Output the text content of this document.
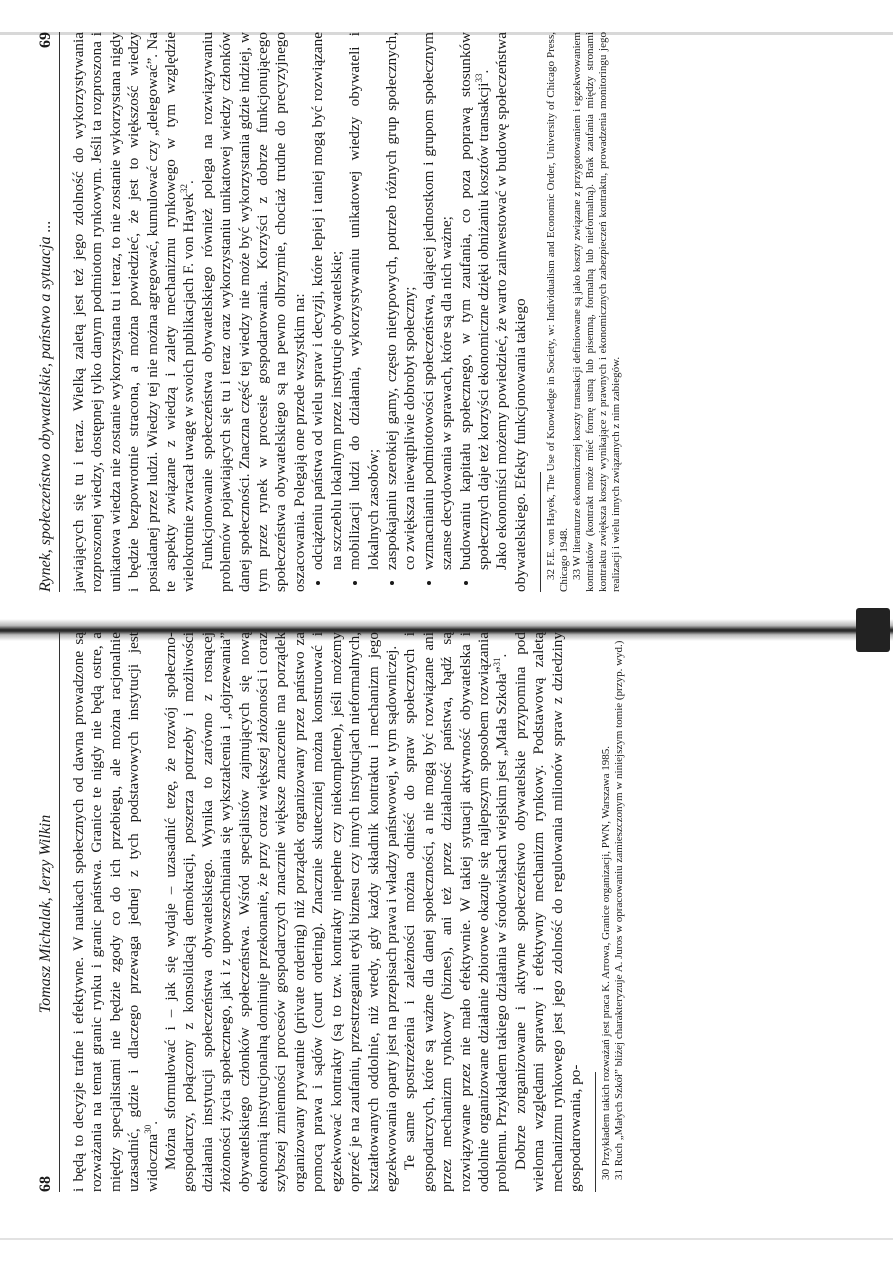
68
Tomasz Michalak, Jerzy Wilkin i będą to decyzje trafne i efektywne. W naukach społecznych od dawna prowadzone są rozważania na temat granic rynku i granic państwa. Granice te nigdy nie będą ostre, a między specjalistami nie będzie zgody co do ich przebiegu, ale można racjonalnie uzasadnić, gdzie i dlaczego przewaga jednej z tych podstawowych instytucji jest widoczna$^{30}$. Można sformułować i – jak się wydaje – uzasadnić tezę, że rozwój społeczno-gospodarczy, połączony z konsolidacją demokracji, poszerza potrzeby i możliwości działania instytucji społeczeństwa obywatelskiego. Wynika to zarówno z rosnącej złożoności życia społecznego, jak i z upowszechniania się wykształcenia i „dojrzewania” obywatelskiego członków społeczeństwa. Wśród specjalistów zajmujących się nową ekonomią instytucjonalną dominuje przekonanie, że przy coraz większej złożoności i coraz szybszej zmienności procesów gospodarczych znacznie większe znaczenie ma porządek organizowany prywatnie (private ordering) niż porządek organizowany przez państwo za pomocą prawa i sądów (court ordering). Znacznie skuteczniej można konstruować i egzekwować kontrakty (są to tzw. kontrakty niepełne czy niekompletne), jeśli możemy oprzeć je na zaufaniu, przestrzeganiu etyki biznesu czy innych instytucjach nieformalnych, kształtowanych oddolnie, niż wtedy, gdy każdy składnik kontraktu i mechanizm jego egzekwowania oparty jest na przepisach prawa i władzy państwowej, w tym sądowniczej. Te same spostrzeżenia i zależności można odnieść do spraw społecznych i gospodarczych, które są ważne dla danej społeczności, a nie mogą być rozwiązane ani przez mechanizm rynkowy (biznes), ani też przez działalność państwa, bądź są rozwiązywane przez nie mało efektywnie. W takiej sytuacji aktywność obywatelska i oddolnie organizowane działanie zbiorowe okazuje się najlepszym sposobem rozwiązania problemu. Przykładem takiego działania w środowiskach wiejskim jest „Mała Szkoła”$^{31}$. Dobrze zorganizowane i aktywne społeczeństwo obywatelskie przypomina pod wieloma względami sprawny i efektywny mechanizm rynkowy. Podstawową zaletą mechanizmu rynkowego jest jego zdolność do regulowania milionów spraw z dziedziny gospodarowania, po- 30 Przykładem takich rozważań jest praca K. Arrowa, Granice organizacji, PWN, Warszawa 1985. 31 Ruch „Małych Szkół” bliżej charakteryzuje A. Juros w opracowaniu zamieszczonym w niniejszym tomie (przyp. wyd.)

Rynek, społeczeństwo obywatelskie, państwo a sytuacja ...
69 jawiających się tu i teraz. Wielką zaletą jest też jego zdolność do wykorzystywania rozproszonej wiedzy, dostępnej tylko danym podmiotom rynkowym. Jeśli ta rozproszona i unikatowa wiedza nie zostanie wykorzystana tu i teraz, to nie zostanie wykorzystana nigdy i będzie bezpowrotnie stracona, a można powiedzieć, że jest to większość wiedzy posiadanej przez ludzi. Wiedzy tej nie można agregować, kumulować czy „delegować”. Na te aspekty związane z wiedzą i zalety mechanizmu rynkowego w tym względzie wielokrotnie zwracał uwagę w swoich publikacjach F. von Hayek$^{32}$. Funkcjonowanie społeczeństwa obywatelskiego również polega na rozwiązywaniu problemów pojawiających się tu i teraz oraz wykorzystaniu unikatowej wiedzy członków danej społeczności. Znaczna część tej wiedzy nie może być wykorzystania gdzie indziej, w tym przez rynek w procesie gospodarowania. Korzyści z dobrze funkcjonującego społeczeństwa obywatelskiego są na pewno olbrzymie, chociaż trudne do precyzyjnego oszacowania. Polegają one przede wszystkim na: • odciążeniu państwa od wielu spraw i decyzji, które lepiej i taniej mogą być rozwiązane na szczeblu lokalnym przez instytucje obywatelskie; • mobilizacji ludzi do działania, wykorzystywaniu unikatowej wiedzy obywateli i lokalnych zasobów; • zaspokajaniu szerokiej gamy, często nietypowych, potrzeb różnych grup społecznych, co zwiększa niewątpliwie dobrobyt społeczny; • wzmacnianiu podmiotowości społeczeństwa, dającej jednostkom i grupom społecznym szanse decydowania w sprawach, które są dla nich ważne; • budowaniu kapitału społecznego, w tym zaufania, co poza poprawą stosunków społecznych daje też korzyści ekonomiczne dzięki obniżaniu kosztów transakcji$^{33}$. Jako ekonomiści możemy powiedzieć, że warto zainwestować w budowę społeczeństwa obywatelskiego. Efekty funkcjonowania takiego 32 F.E. von Hayek, The Use of Knowledge in Society, w: Individualism and Economic Order, University of Chicago Press, Chicago 1948. 33 W literaturze ekonomicznej koszty transakcji definiowane są jako koszty związane z przygotowaniem i egzekwowaniem kontraktów (kontrakt może mieć formę ustną lub pisemną, formalną lub nieformalną). Brak zaufania między stronami kontraktu zwiększa koszty wynikające z prawnych i ekonomicznych zabezpieczeń kontraktu, prowadzenia monitoringu jego realizacji i wielu innych związanych z nim zabiegów.
